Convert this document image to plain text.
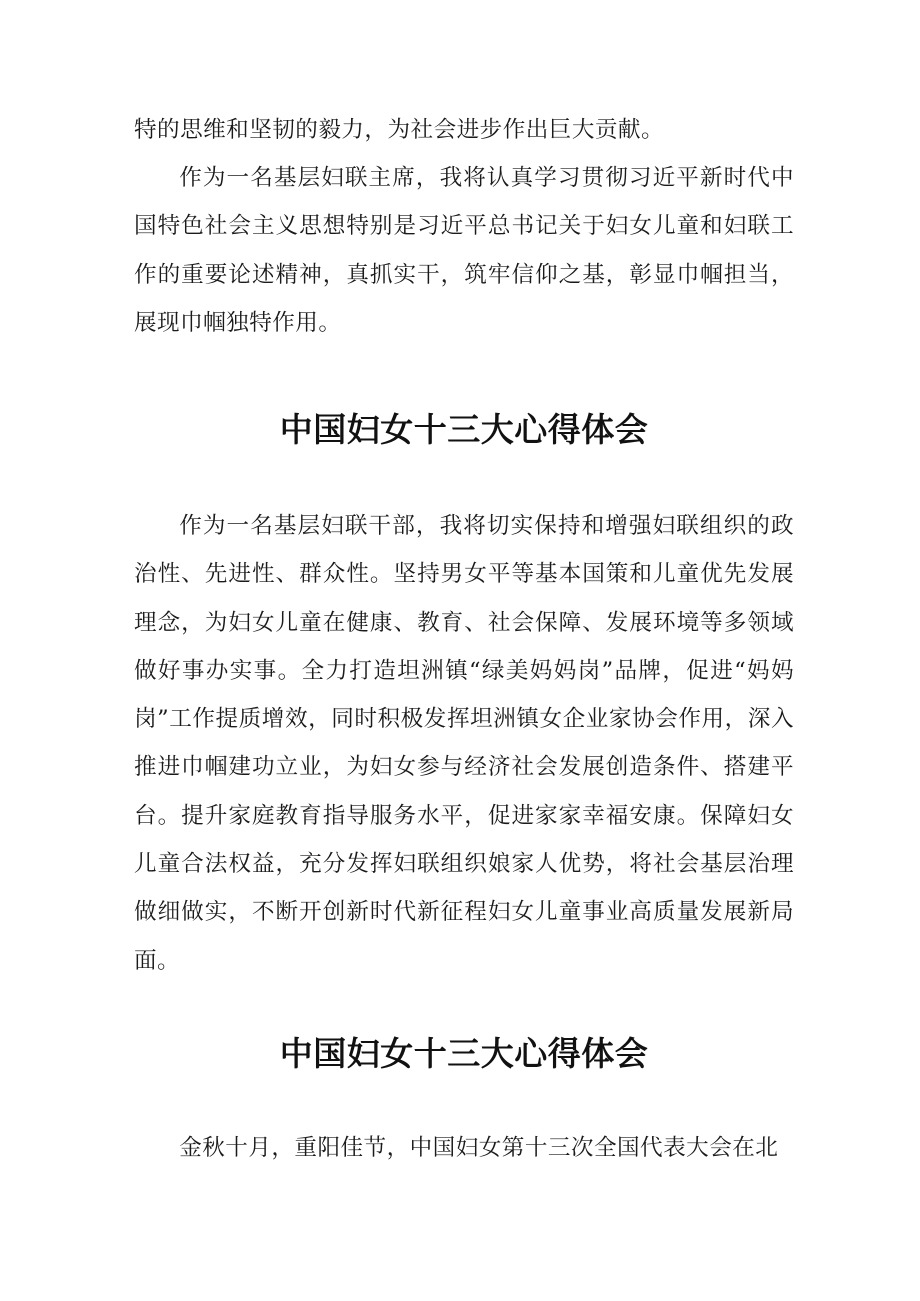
特的思维和坚韧的毅力，为社会进步作出巨大贡献。

作为一名基层妇联主席，我将认真学习贯彻习近平新时代中国特色社会主义思想特别是习近平总书记关于妇女儿童和妇联工作的重要论述精神，真抓实干，筑牢信仰之基，彰显巾帼担当，展现巾帼独特作用。

中国妇女十三大心得体会

作为一名基层妇联干部，我将切实保持和增强妇联组织的政治性、先进性、群众性。坚持男女平等基本国策和儿童优先发展理念，为妇女儿童在健康、教育、社会保障、发展环境等多领域做好事办实事。全力打造坦洲镇“绿美妈妈岗”品牌，促进“妈妈岗”工作提质增效，同时积极发挥坦洲镇女企业家协会作用，深入推进巾帼建功立业，为妇女参与经济社会发展创造条件、搭建平台。提升家庭教育指导服务水平，促进家家幸福安康。保障妇女儿童合法权益，充分发挥妇联组织娘家人优势，将社会基层治理做细做实，不断开创新时代新征程妇女儿童事业高质量发展新局面。

中国妇女十三大心得体会

金秋十月，重阳佳节，中国妇女第十三次全国代表大会在北
